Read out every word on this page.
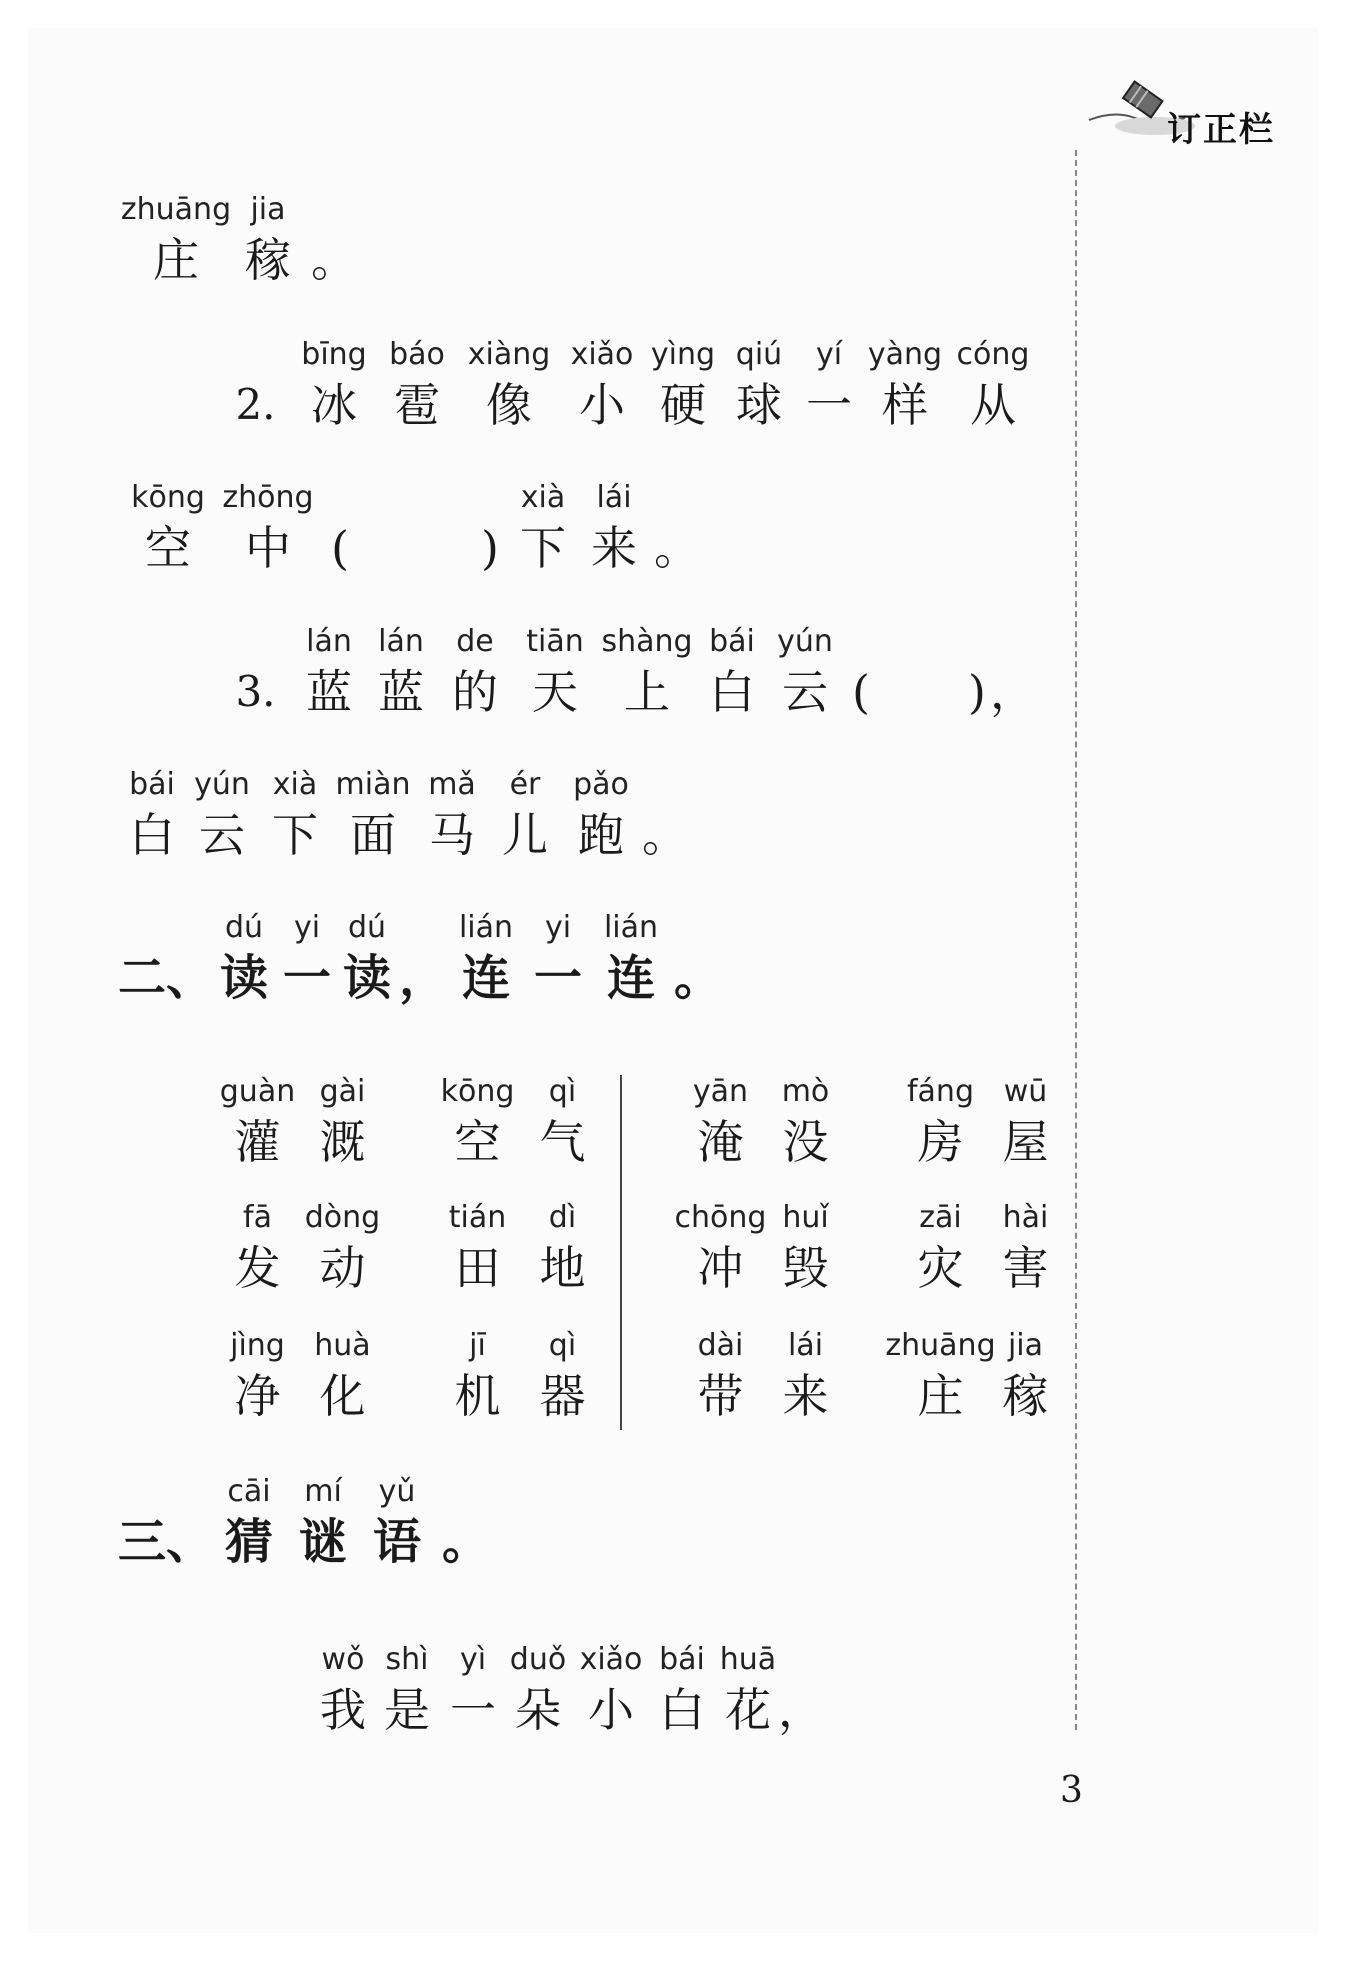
订正栏
zhuāng
庄
jia
稼 。
2.
bīng
冰
báo
雹
xiàng
像
xiǎo
小
yìng
硬
qiú
球
yí
一
yàng
样
cóng
从
kōng
空
zhōng
中 (	)
xià
下
lái
来 。
3.
lán
蓝
lán
蓝
de
的
tiān
天
shàng
上
bái
白
yún
云 ( ) ，
bái
白
yún
云
xià
下
miàn
面
mǎ
马
ér
儿
pǎo
跑 。
二、
dú
读
yi
一
dú
读 ，
lián
连
yi
一
lián
连 。
guàn
灌
gài
溉
kōng
空
qì
气
fā
发
dòng
动
tián
田
dì
地
jìng
净
huà
化
jī
机
qì
器
yān
淹
mò
没
fáng
房
wū
屋
chōng
冲
huǐ
毁
zāi
灾
hài
害
dài
带
lái
来
zhuāng
庄
jia
稼
三、
cāi
猜
mí
谜
yǔ
语 。
wǒ
我
shì
是
yì
一
duǒ
朵
xiǎo
小
bái
白
huā
花 ，
3
